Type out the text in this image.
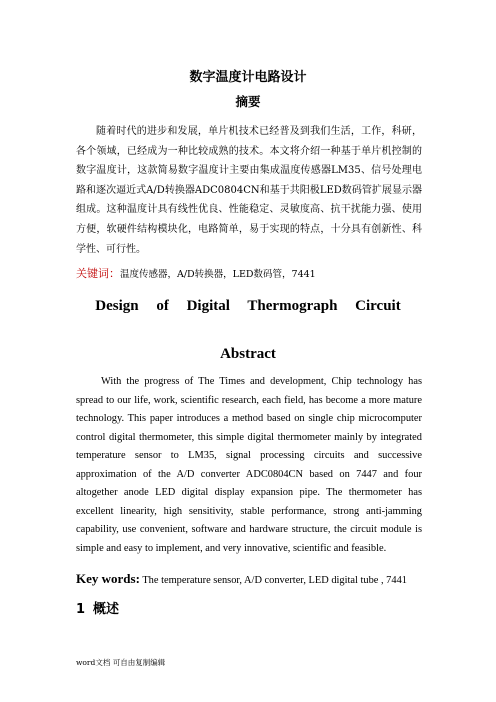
数字温度计电路设计
摘要

随着时代的进步和发展，单片机技术已经普及到我们生活，工作，科研，各个领域，已经成为一种比较成熟的技术。本文将介绍一种基于单片机控制的数字温度计，这款简易数字温度计主要由集成温度传感器LM35、信号处理电路和逐次逼近式A/D转换器ADC0804CN和基于共阳极LED数码管扩展显示器组成。这种温度计具有线性优良、性能稳定、灵敏度高、抗干扰能力强、使用方便，软硬件结构模块化，电路简单，易于实现的特点，十分具有创新性、科学性、可行性。

关键词：温度传感器，A/D转换器，LED数码管，7441

Design of Digital Thermograph Circuit
Abstract

With the progress of The Times and development, Chip technology has spread to our life, work, scientific research, each field, has become a more mature technology. This paper introduces a method based on single chip microcomputer control digital thermometer, this simple digital thermometer mainly by integrated temperature sensor to LM35, signal processing circuits and successive approximation of the A/D converter ADC0804CN based on 7447 and four altogether anode LED digital display expansion pipe. The thermometer has excellent linearity, high sensitivity, stable performance, strong anti-jamming capability, use convenient, software and hardware structure, the circuit module is simple and easy to implement, and very innovative, scientific and feasible.

Key words: The temperature sensor, A/D converter, LED digital tube , 7441

1 概述

word文档 可自由复制编辑
